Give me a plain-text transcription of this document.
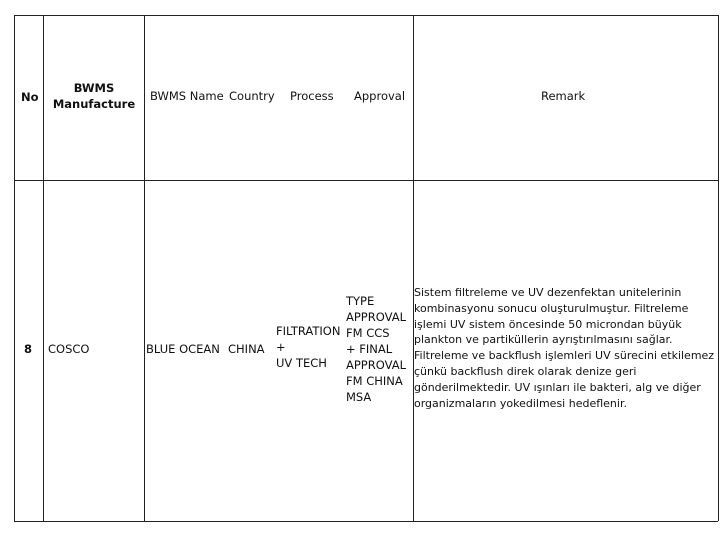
No
BWMS
Manufacture
BWMS Name Country Process Approval	Remark
8 COSCO	BLUE OCEAN CHINA
FILTRATION
+
UV TECH
TYPE
APPROVAL
FM CCS
+ FINAL
APPROVAL
FM CHINA
MSA
Sistem filtreleme ve UV dezenfektan unitelerinin
kombinasyonu sonucu oluşturulmuştur. Filtreleme
işlemi UV sistem öncesinde 50 microndan büyük
plankton ve partiküllerin ayrıştırılmasını sağlar.
Filtreleme ve backflush işlemleri UV sürecini etkilemez
çünkü backflush direk olarak denize geri
gönderilmektedir. UV ışınları ile bakteri, alg ve diğer
organizmaların yokedilmesi hedeflenir.
